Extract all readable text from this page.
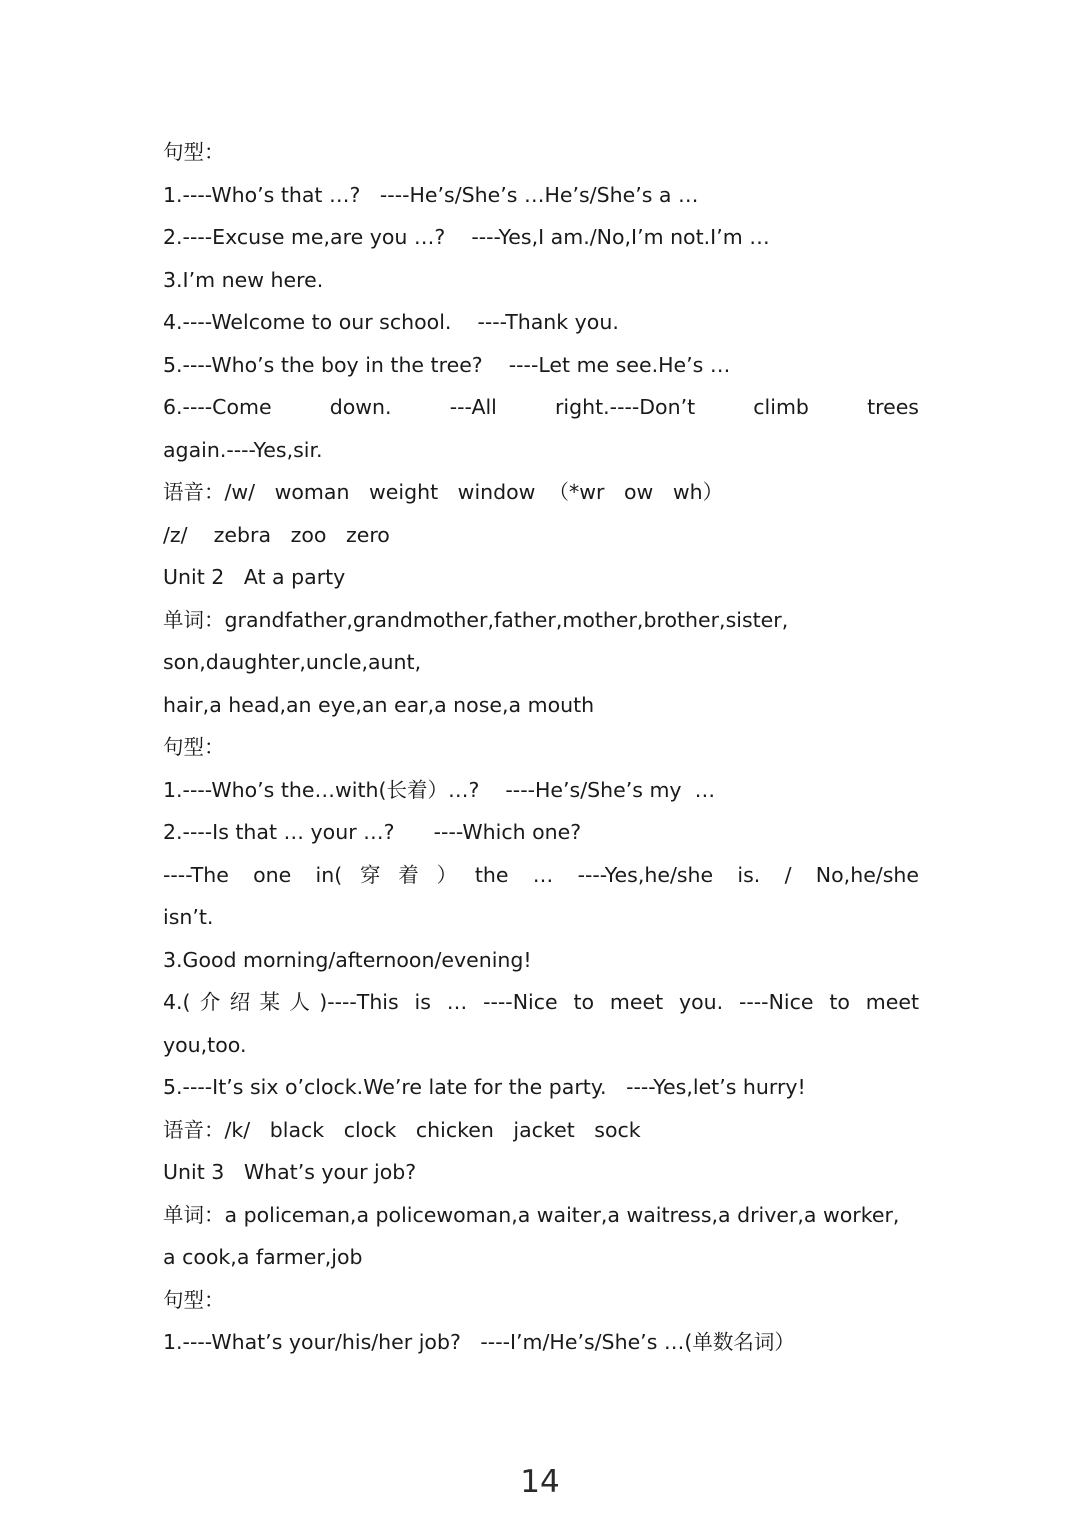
句型：
1.----Who’s that …?   ----He’s/She’s …He’s/She’s a …
2.----Excuse me,are you …?    ----Yes,I am./No,I’m not.I’m …
3.I’m new here.
4.----Welcome to our school.    ----Thank you.
5.----Who’s the boy in the tree?    ----Let me see.He’s …
6.----Come down. ---All right.----Don’t climb trees
again.----Yes,sir.
语音：/w/   woman   weight   window  （*wr   ow   wh）
/z/    zebra   zoo   zero
Unit 2   At a party
单词：grandfather,grandmother,father,mother,brother,sister,
son,daughter,uncle,aunt,
hair,a head,an eye,an ear,a nose,a mouth
句型：
1.----Who’s the…with(长着）…?    ----He’s/She’s my  …
2.----Is that … your …?      ----Which one?
----The one in(穿着）the … ----Yes,he/she is. / No,he/she
isn’t.
3.Good morning/afternoon/evening!
4.(介绍某人)----This is … ----Nice to meet you. ----Nice to meet
you,too.
5.----It’s six o’clock.We’re late for the party.   ----Yes,let’s hurry!
语音：/k/   black   clock   chicken   jacket   sock
Unit 3   What’s your job?
单词：a policeman,a policewoman,a waiter,a waitress,a driver,a worker,
a cook,a farmer,job
句型：
1.----What’s your/his/her job?   ----I’m/He’s/She’s …(单数名词）
14
